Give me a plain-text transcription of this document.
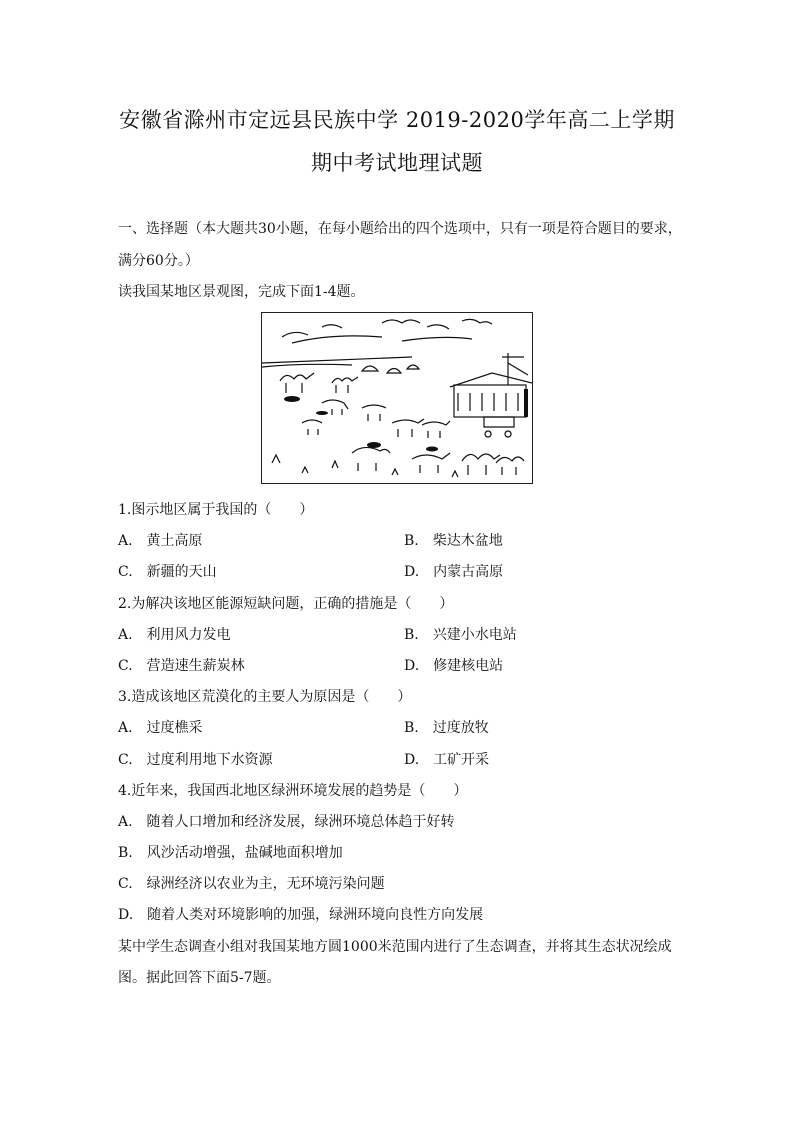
安徽省滁州市定远县民族中学 2019-2020学年高二上学期
期中考试地理试题
一、选择题（本大题共30小题，在每小题给出的四个选项中，只有一项是符合题目的要求，
满分60分。）
读我国某地区景观图，完成下面1-4题。
1.图示地区属于我国的（　　）
A.　黄土高原	B.　柴达木盆地
C.　新疆的天山	D.　内蒙古高原
2.为解决该地区能源短缺问题，正确的措施是（　　）
A.　利用风力发电	B.　兴建小水电站
C.　营造速生薪炭林	D.　修建核电站
3.造成该地区荒漠化的主要人为原因是（　　）
A.　过度樵采	B.　过度放牧
C.　过度利用地下水资源	D.　工矿开采
4.近年来，我国西北地区绿洲环境发展的趋势是（　　）
A.　随着人口增加和经济发展，绿洲环境总体趋于好转
B.　风沙活动增强，盐碱地面积增加
C.　绿洲经济以农业为主，无环境污染问题
D.　随着人类对环境影响的加强，绿洲环境向良性方向发展
某中学生态调查小组对我国某地方圆1000米范围内进行了生态调查，并将其生态状况绘成
图。据此回答下面5-7题。
